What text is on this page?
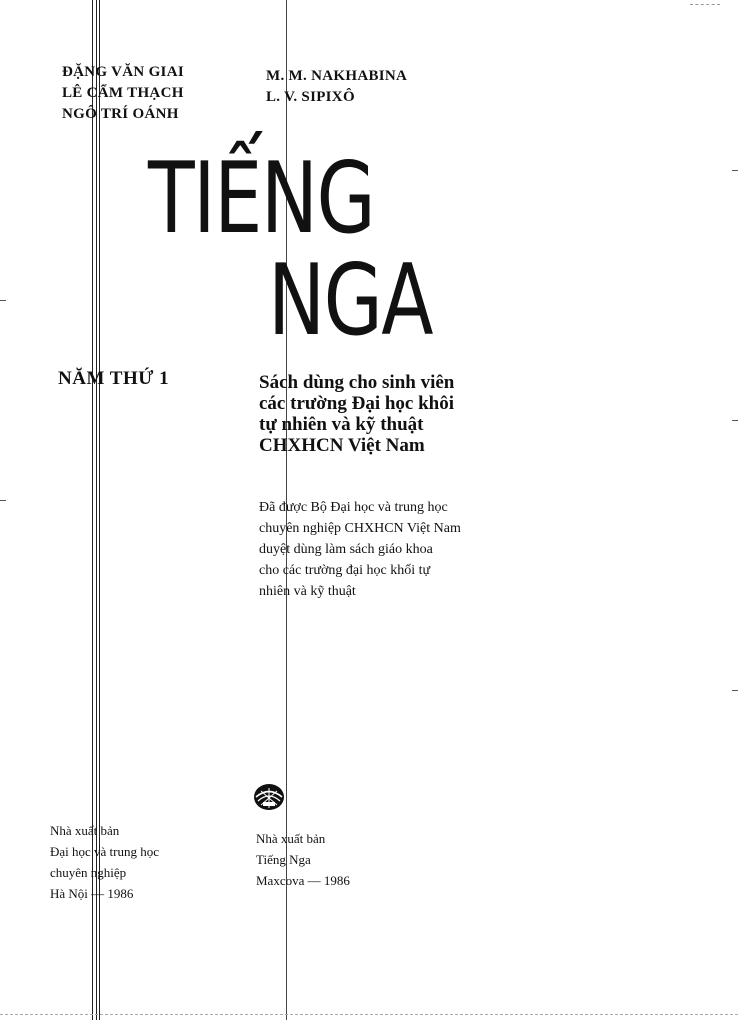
ĐẶNG VĂN GIAI
LÊ CẨM THẠCH
NGÔ TRÍ OÁNH
M. M. NAKHABINA
L. V. SIPIXÔ
TIẾNG
NGA
NĂM THỨ 1	Sách dùng cho sinh viên
các trường Đại học khôi
tự nhiên và kỹ thuật
CHXHCN Việt Nam
Đã được Bộ Đại học và trung học
chuyên nghiệp CHXHCN Việt Nam
duyệt dùng làm sách giáo khoa
cho các trường đại học khối tự
nhiên và kỹ thuật
Nhà xuất bản
Đại học và trung học
chuyên nghiệp
Hà Nội — 1986
Nhà xuất bản
Tiếng Nga
Maxcova — 1986
